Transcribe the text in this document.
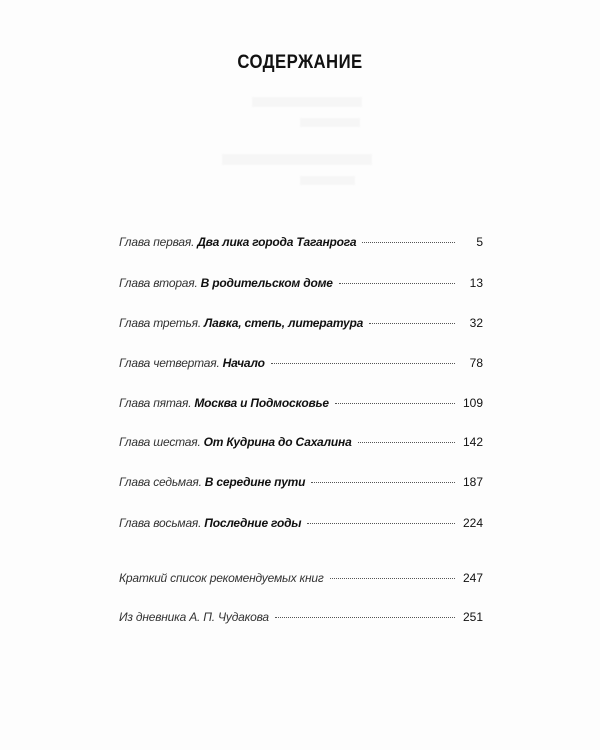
СОДЕРЖАНИЕ
Глава первая. Два лика города Таганрога	5
Глава вторая. В родительском доме	13
Глава третья. Лавка, степь, литература	32
Глава четвертая. Начало	78
Глава пятая. Москва и Подмосковье	109
Глава шестая. От Кудрина до Сахалина	142
Глава седьмая. В середине пути	187
Глава восьмая. Последние годы	224
Краткий список рекомендуемых книг	247
Из дневника А. П. Чудакова	251
